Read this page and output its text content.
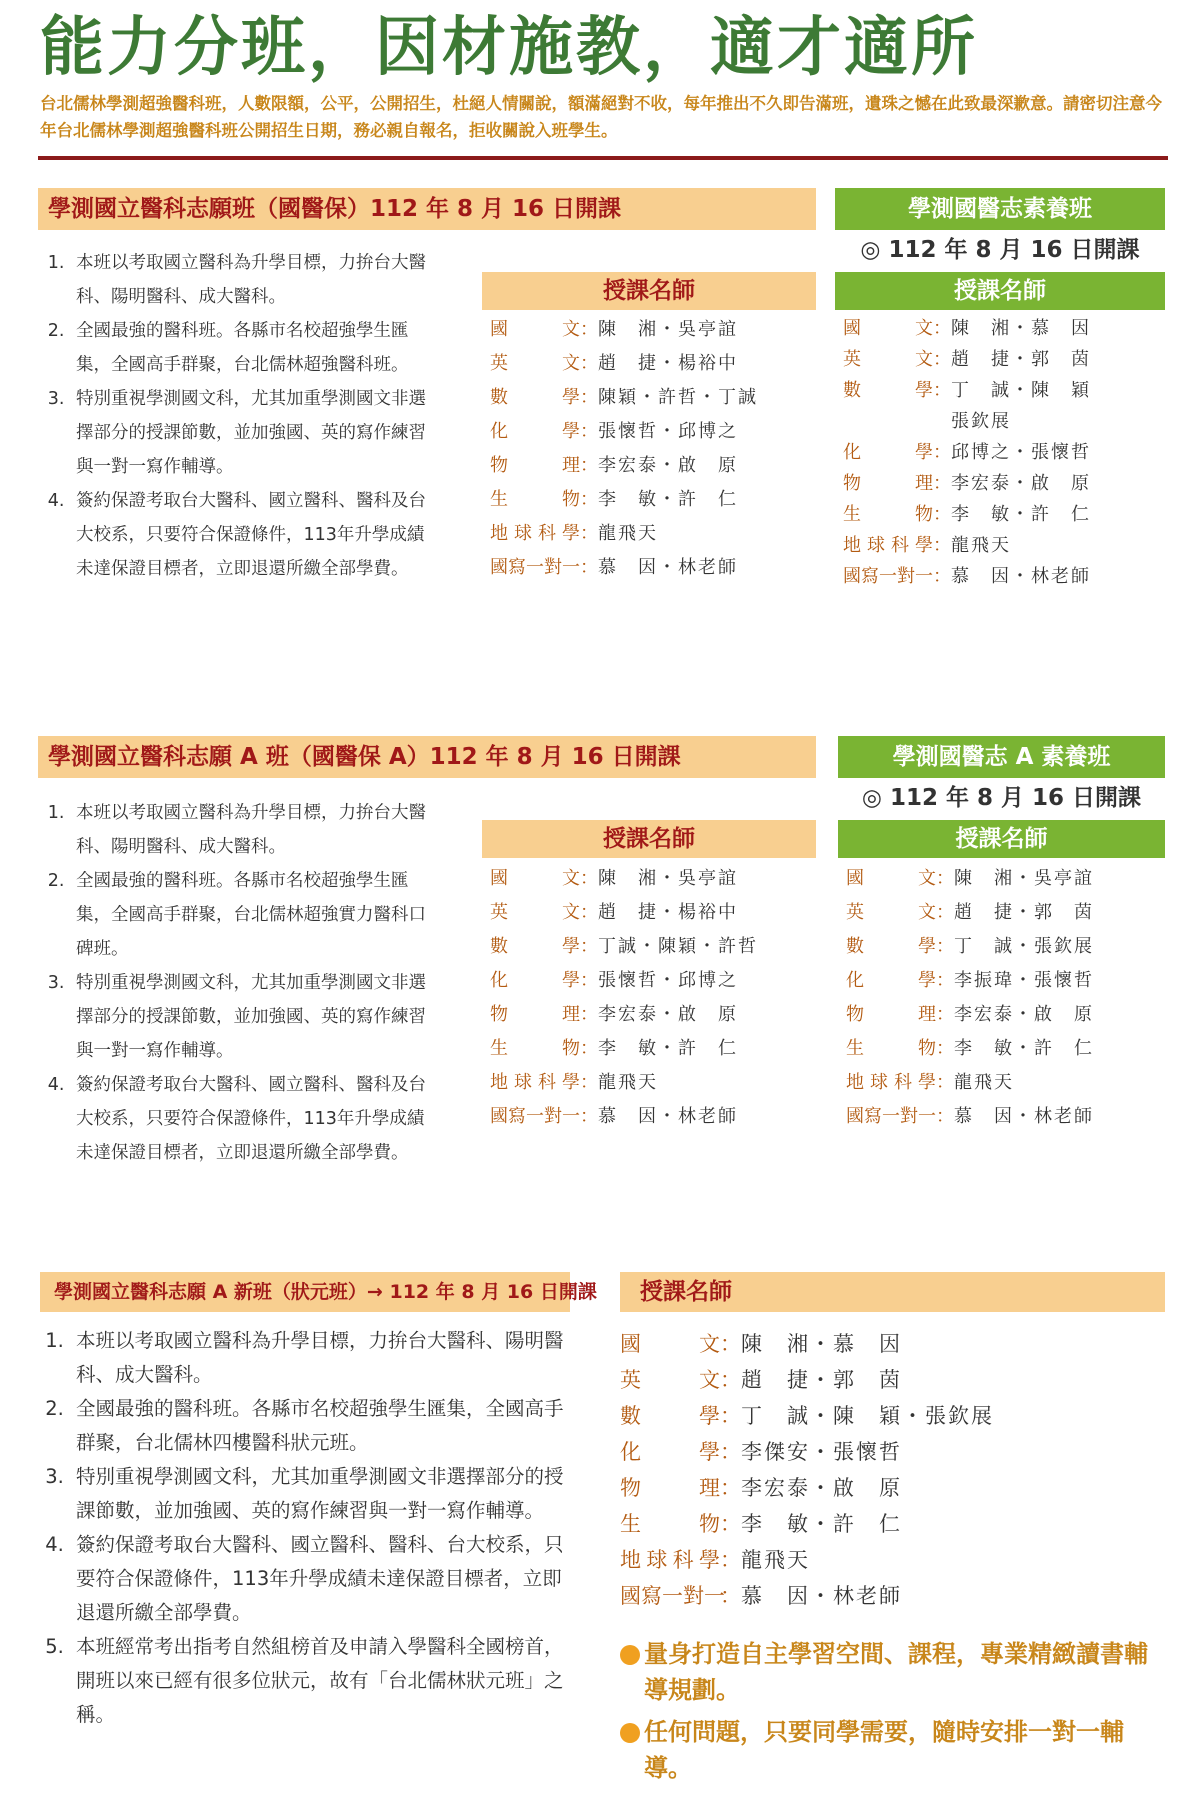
能力分班，因材施教，適才適所
台北儒林學測超強醫科班，人數限額，公平，公開招生，杜絕人情關說，額滿絕對不收，每年推出不久即告滿班，遺珠之憾在此致最深歉意。請密切注意今年台北儒林學測超強醫科班公開招生日期，務必親自報名，拒收關說入班學生。
學測國立醫科志願班（國醫保）112 年 8 月 16 日開課
1. 本班以考取國立醫科為升學目標，力拚台大醫科、陽明醫科、成大醫科。
2. 全國最強的醫科班。各縣市名校超強學生匯集，全國高手群聚，台北儒林超強醫科班。
3. 特別重視學測國文科，尤其加重學測國文非選擇部分的授課節數，並加強國、英的寫作練習與一對一寫作輔導。
4. 簽約保證考取台大醫科、國立醫科、醫科及台大校系，只要符合保證條件，113年升學成績未達保證目標者，立即退還所繳全部學費。
授課名師
國　　文 ： 陳　湘・吳亭誼
英　　文 ： 趙　捷・楊裕中
數　　學 ： 陳穎・許哲・丁誠
化　　學 ： 張懷哲・邱博之
物　　理 ： 李宏泰・啟　原
生　　物 ： 李　敏・許　仁
地球科學 ： 龍飛天
國寫一對一 ： 慕　因・林老師
學測國醫志素養班
◎ 112 年 8 月 16 日開課
授課名師
國　　文 ： 陳　湘・慕　因
英　　文 ： 趙　捷・郭　茵
數　　學 ： 丁　誠・陳　穎

張欽展
化　　學 ： 邱博之・張懷哲
物　　理 ： 李宏泰・啟　原
生　　物 ： 李　敏・許　仁
地球科學 ： 龍飛天
國寫一對一 ： 慕　因・林老師
學測國立醫科志願 A 班（國醫保 A）112 年 8 月 16 日開課
1. 本班以考取國立醫科為升學目標，力拚台大醫科、陽明醫科、成大醫科。
2. 全國最強的醫科班。各縣市名校超強學生匯集，全國高手群聚，台北儒林超強實力醫科口碑班。
3. 特別重視學測國文科，尤其加重學測國文非選擇部分的授課節數，並加強國、英的寫作練習與一對一寫作輔導。
4. 簽約保證考取台大醫科、國立醫科、醫科及台大校系，只要符合保證條件，113年升學成績未達保證目標者，立即退還所繳全部學費。
授課名師
國　　文 ： 陳　湘・吳亭誼
英　　文 ： 趙　捷・楊裕中
數　　學 ： 丁誠・陳穎・許哲
化　　學 ： 張懷哲・邱博之
物　　理 ： 李宏泰・啟　原
生　　物 ： 李　敏・許　仁
地球科學 ： 龍飛天
國寫一對一 ： 慕　因・林老師
學測國醫志 A 素養班
◎ 112 年 8 月 16 日開課
授課名師
國　　文 ： 陳　湘・吳亭誼
英　　文 ： 趙　捷・郭　茵
數　　學 ： 丁　誠・張欽展
化　　學 ： 李振瑋・張懷哲
物　　理 ： 李宏泰・啟　原
生　　物 ： 李　敏・許　仁
地球科學 ： 龍飛天
國寫一對一 ： 慕　因・林老師
學測國立醫科志願 A 新班（狀元班）→ 112 年 8 月 16 日開課
1. 本班以考取國立醫科為升學目標，力拚台大醫科、陽明醫科、成大醫科。
2. 全國最強的醫科班。各縣市名校超強學生匯集，全國高手群聚，台北儒林四樓醫科狀元班。
3. 特別重視學測國文科，尤其加重學測國文非選擇部分的授課節數，並加強國、英的寫作練習與一對一寫作輔導。
4. 簽約保證考取台大醫科、國立醫科、醫科、台大校系，只要符合保證條件，113年升學成績未達保證目標者，立即退還所繳全部學費。
5. 本班經常考出指考自然組榜首及申請入學醫科全國榜首，開班以來已經有很多位狀元，故有「台北儒林狀元班」之稱。
授課名師
國　　文 ： 陳　湘・慕　因
英　　文 ： 趙　捷・郭　茵
數　　學 ： 丁　誠・陳　穎・張欽展
化　　學 ： 李傑安・張懷哲
物　　理 ： 李宏泰・啟　原
生　　物 ： 李　敏・許　仁
地球科學 ： 龍飛天
國寫一對一
： 慕　因・林老師
量身打造自主學習空間、課程，專業精緻讀書輔導規劃。
任何問題，只要同學需要，隨時安排一對一輔導。
